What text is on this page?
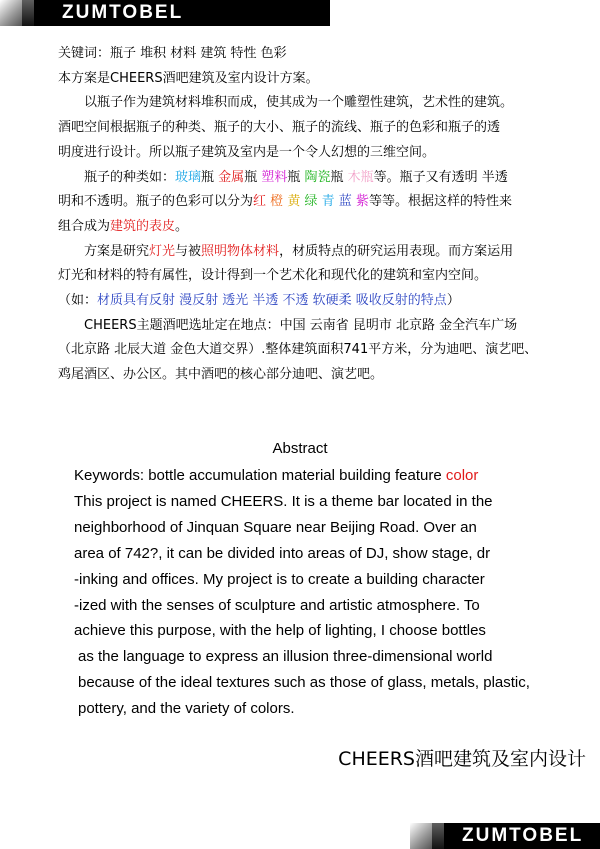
ZUMTOBEL

关键词：瓶子 堆积 材料 建筑 特性 色彩

本方案是CHEERS酒吧建筑及室内设计方案。

以瓶子作为建筑材料堆积而成，使其成为一个雕塑性建筑，艺术性的建筑。

酒吧空间根据瓶子的种类、瓶子的大小、瓶子的流线、瓶子的色彩和瓶子的透

明度进行设计。所以瓶子建筑及室内是一个令人幻想的三维空间。

瓶子的种类如：玻璃瓶 金属瓶 塑料瓶 陶瓷瓶 木瓶等。瓶子又有透明 半透

明和不透明。瓶子的色彩可以分为红 橙 黄 绿 青 蓝 紫等等。根据这样的特性来

组合成为建筑的表皮。

方案是研究灯光与被照明物体材料，材质特点的研究运用表现。而方案运用

灯光和材料的特有属性，设计得到一个艺术化和现代化的建筑和室内空间。

（如：材质具有反射 漫反射 透光 半透 不透 软硬柔 吸收反射的特点）

CHEERS主题酒吧选址定在地点：中国 云南省 昆明市 北京路 金全汽车广场

（北京路 北辰大道 金色大道交界）.整体建筑面积741平方米，分为迪吧、演艺吧、

鸡尾酒区、办公区。其中酒吧的核心部分迪吧、演艺吧。

Abstract

Keywords: bottle accumulation material building feature color

This project is named CHEERS. It is a theme bar located in the

neighborhood of Jinquan Square near Beijing Road. Over an

area of 742?, it can be divided into areas of DJ, show stage, dr

-inking and offices. My project is to create a building character

-ized with the senses of sculpture and artistic atmosphere. To

achieve this purpose, with the help of lighting, I choose bottles

as the language to express an illusion three-dimensional world

because of the ideal textures such as those of glass, metals, plastic,

pottery, and the variety of colors.

CHEERS酒吧建筑及室内设计
ZUMTOBEL
